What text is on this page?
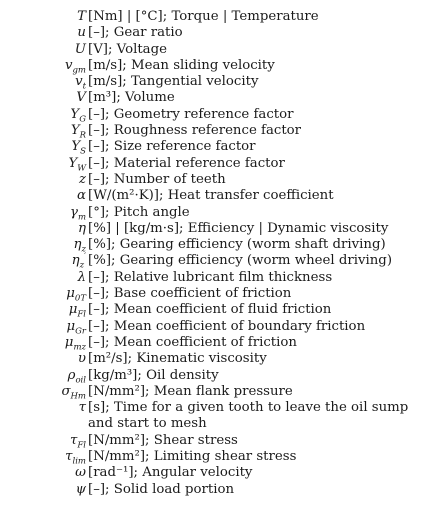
T [Nm] | [°C]; Torque | Temperature
u [–]; Gear ratio
U [V]; Voltage
$v_{gm}$ [m/s]; Mean sliding velocity
$v_t$ [m/s]; Tangential velocity
V [m³]; Volume
$Y_G$ [–]; Geometry reference factor
$Y_R$ [–]; Roughness reference factor
$Y_S$ [–]; Size reference factor
$Y_W$ [–]; Material reference factor
z [–]; Number of teeth
α [W/(m²·K)]; Heat transfer coefficient
$\gamma_m$ [°]; Pitch angle
η [%] | [kg/m·s]; Efficiency | Dynamic viscosity
$\eta_z$ [%]; Gearing efficiency (worm shaft driving)
$\eta_z'$ [%]; Gearing efficiency (worm wheel driving)
λ [–]; Relative lubricant film thickness
$\mu_{0T}$ [–]; Base coefficient of friction
$\mu_{Fl}$ [–]; Mean coefficient of fluid friction
$\mu_{Gr}$ [–]; Mean coefficient of boundary friction
$\mu_{mz}$ [–]; Mean coefficient of friction
υ [m²/s]; Kinematic viscosity
$\rho_{oil}$ [kg/m³]; Oil density
$\sigma_{Hm}$ [N/mm²]; Mean flank pressure
τ [s]; Time for a given tooth to leave the oil sump and start to mesh
$\tau_{Fl}$ [N/mm²]; Shear stress
$\tau_{lim}$ [N/mm²]; Limiting shear stress
ω [rad⁻¹]; Angular velocity
ψ [–]; Solid load portion
